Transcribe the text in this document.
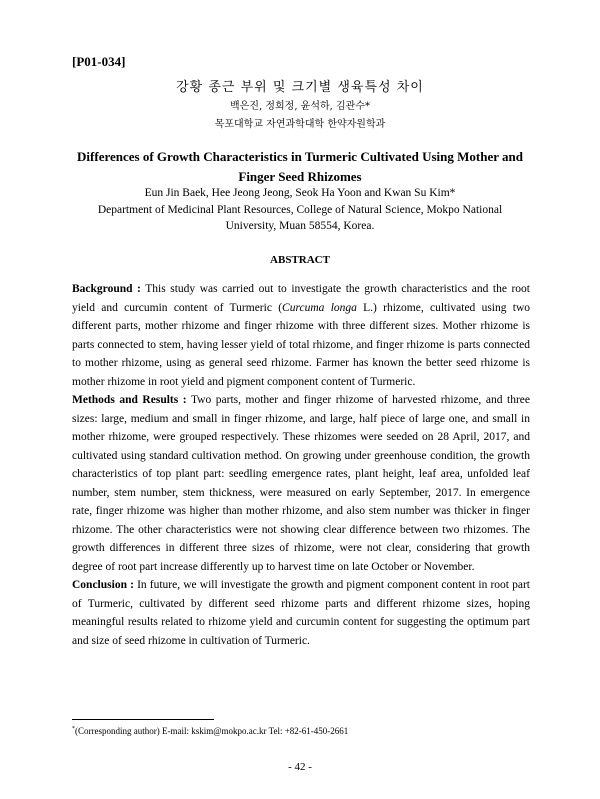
[P01-034]
강황 종근 부위 및 크기별 생육특성 차이
백은진, 정희정, 윤석하, 김관수*
목포대학교 자연과학대학 한약자원학과
Differences of Growth Characteristics in Turmeric Cultivated Using Mother and Finger Seed Rhizomes
Eun Jin Baek, Hee Jeong Jeong, Seok Ha Yoon and Kwan Su Kim*
Department of Medicinal Plant Resources, College of Natural Science, Mokpo National University, Muan 58554, Korea.
ABSTRACT

Background : This study was carried out to investigate the growth characteristics and the root yield and curcumin content of Turmeric (Curcuma longa L.) rhizome, cultivated using two different parts, mother rhizome and finger rhizome with three different sizes. Mother rhizome is parts connected to stem, having lesser yield of total rhizome, and finger rhizome is parts connected to mother rhizome, using as general seed rhizome. Farmer has known the better seed rhizome is mother rhizome in root yield and pigment component content of Turmeric.

Methods and Results : Two parts, mother and finger rhizome of harvested rhizome, and three sizes: large, medium and small in finger rhizome, and large, half piece of large one, and small in mother rhizome, were grouped respectively. These rhizomes were seeded on 28 April, 2017, and cultivated using standard cultivation method. On growing under greenhouse condition, the growth characteristics of top plant part: seedling emergence rates, plant height, leaf area, unfolded leaf number, stem number, stem thickness, were measured on early September, 2017. In emergence rate, finger rhizome was higher than mother rhizome, and also stem number was thicker in finger rhizome. The other characteristics were not showing clear difference between two rhizomes. The growth differences in different three sizes of rhizome, were not clear, considering that growth degree of root part increase differently up to harvest time on late October or November.

Conclusion : In future, we will investigate the growth and pigment component content in root part of Turmeric, cultivated by different seed rhizome parts and different rhizome sizes, hoping meaningful results related to rhizome yield and curcumin content for suggesting the optimum part and size of seed rhizome in cultivation of Turmeric.

*(Corresponding author) E-mail: kskim@mokpo.ac.kr Tel: +82-61-450-2661
- 42 -
